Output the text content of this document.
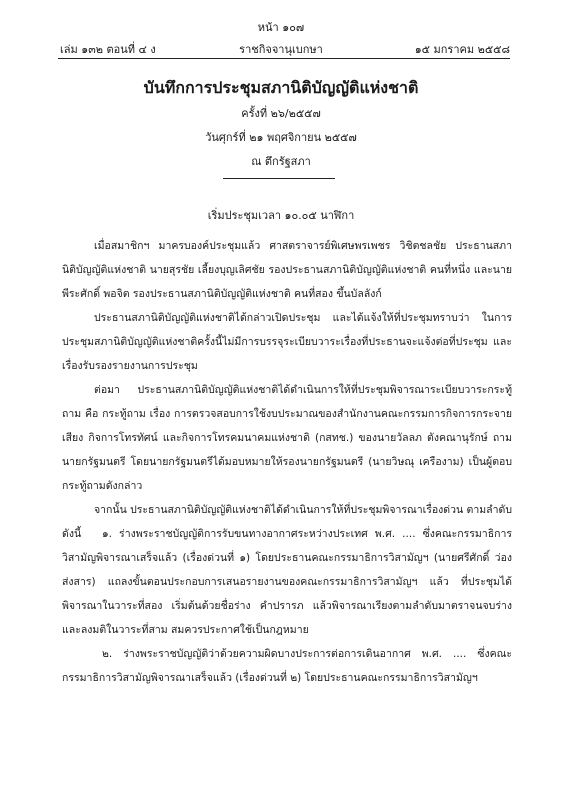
หน้า ๑๐๗
เล่ม ๑๓๒ ตอนที่ ๔ ง	ราชกิจจานุเบกษา	๑๕ มกราคม ๒๕๕๘
บันทึกการประชุมสภานิติบัญญัติแห่งชาติ
ครั้งที่ ๒๖/๒๕๕๗
วันศุกร์ที่ ๒๑ พฤศจิกายน ๒๕๕๗
ณ ตึกรัฐสภา
เริ่มประชุมเวลา ๑๐.๐๕ นาฬิกา

เมื่อสมาชิกฯ มาครบองค์ประชุมแล้ว ศาสตราจารย์พิเศษพรเพชร วิชิตชลชัย ประธานสภานิติบัญญัติแห่งชาติ นายสุรชัย เลี้ยงบุญเลิศชัย รองประธานสภานิติบัญญัติแห่งชาติ คนที่หนึ่ง และนายพีระศักดิ์ พอจิต รองประธานสภานิติบัญญัติแห่งชาติ คนที่สอง ขึ้นบัลลังก์

ประธานสภานิติบัญญัติแห่งชาติได้กล่าวเปิดประชุม และได้แจ้งให้ที่ประชุมทราบว่า ในการประชุมสภานิติบัญญัติแห่งชาติครั้งนี้ไม่มีการบรรจุระเบียบวาระเรื่องที่ประธานจะแจ้งต่อที่ประชุม และเรื่องรับรองรายงานการประชุม

ต่อมา ประธานสภานิติบัญญัติแห่งชาติได้ดำเนินการให้ที่ประชุมพิจารณาระเบียบวาระกระทู้ถาม คือ กระทู้ถาม เรื่อง การตรวจสอบการใช้งบประมาณของสำนักงานคณะกรรมการกิจการกระจายเสียง กิจการโทรทัศน์ และกิจการโทรคมนาคมแห่งชาติ (กสทช.) ของนายวัลลภ ตังคณานุรักษ์ ถามนายกรัฐมนตรี โดยนายกรัฐมนตรีได้มอบหมายให้รองนายกรัฐมนตรี (นายวิษณุ เครืองาม) เป็นผู้ตอบกระทู้ถามดังกล่าว

จากนั้น ประธานสภานิติบัญญัติแห่งชาติได้ดำเนินการให้ที่ประชุมพิจารณาเรื่องด่วน ตามลำดับ ดังนี้	๑. ร่างพระราชบัญญัติการรับขนทางอากาศระหว่างประเทศ พ.ศ. .... ซึ่งคณะกรรมาธิการวิสามัญพิจารณาเสร็จแล้ว (เรื่องด่วนที่ ๑) โดยประธานคณะกรรมาธิการวิสามัญฯ (นายศรีศักดิ์ ว่องส่งสาร) แถลงขั้นตอนประกอบการเสนอรายงานของคณะกรรมาธิการวิสามัญฯ แล้ว ที่ประชุมได้พิจารณาในวาระที่สอง เริ่มต้นด้วยชื่อร่าง คำปรารภ แล้วพิจารณาเรียงตามลำดับมาตราจนจบร่าง และลงมติในวาระที่สาม สมควรประกาศใช้เป็นกฎหมาย

๒. ร่างพระราชบัญญัติว่าด้วยความผิดบางประการต่อการเดินอากาศ พ.ศ. .... ซึ่งคณะกรรมาธิการวิสามัญพิจารณาเสร็จแล้ว (เรื่องด่วนที่ ๒) โดยประธานคณะกรรมาธิการวิสามัญฯ
